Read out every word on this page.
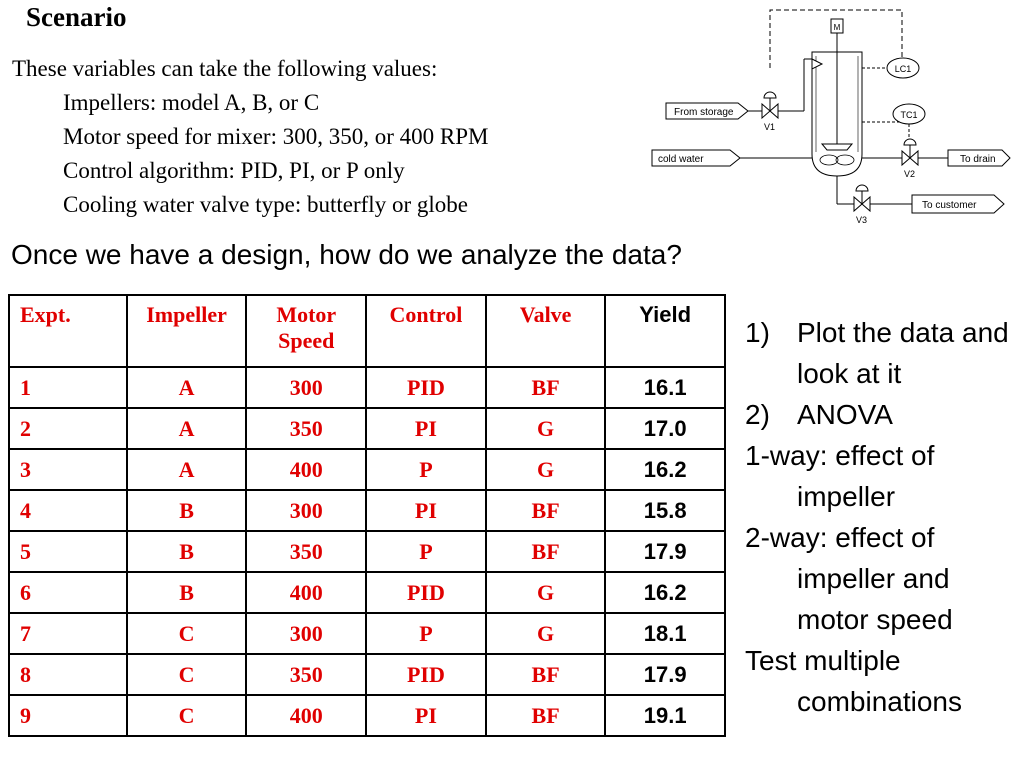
Scenario
These variables can take the following values:
Impellers: model A, B, or C
Motor speed for mixer: 300, 350, or 400 RPM
Control algorithm: PID, PI, or P only
Cooling water valve type: butterfly or globe
M
From storage
V1
LC1
TC1
cold water
V2
To drain
V3
To customer
Once we have a design, how do we analyze the data?
Expt.	Impeller	Motor Speed	Control	Valve	Yield
1	A	300	PID	BF	16.1
2	A	350	PI	G	17.0
3	A	400	P	G	16.2
4	B	300	PI	BF	15.8
5	B	350	P	BF	17.9
6	B	400	PID	G	16.2
7	C	300	P	G	18.1
8	C	350	PID	BF	17.9
9	C	400	PI	BF	19.1
1) Plot the data and look at it
2) ANOVA
1-way: effect of impeller
2-way: effect of impeller and motor speed
Test multiple combinations
